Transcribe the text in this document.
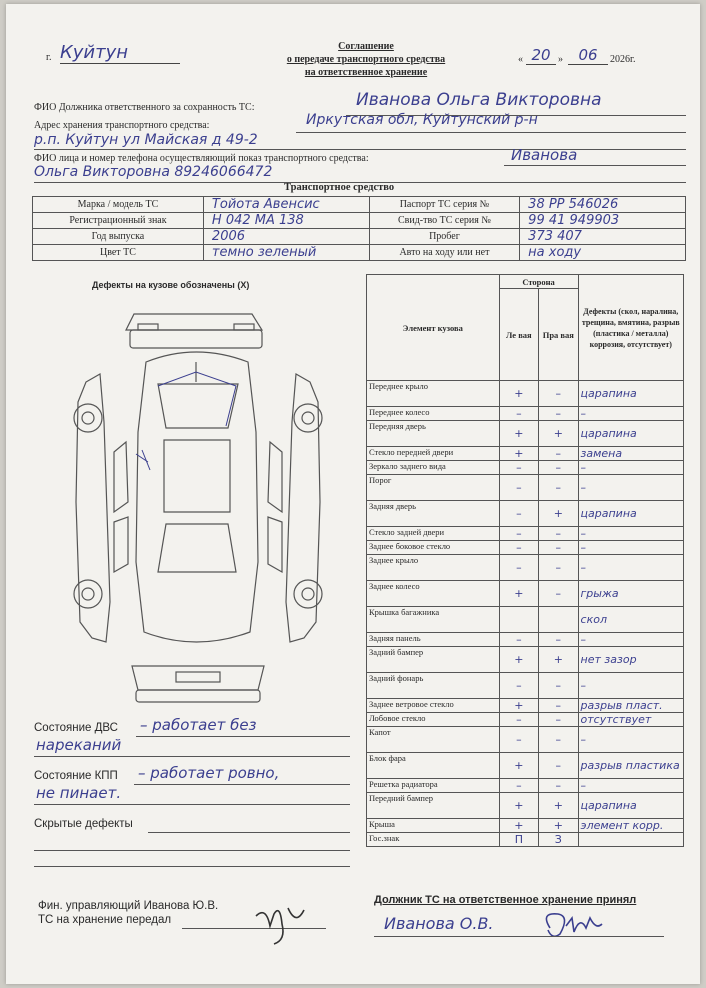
г. Куйтун	Соглашение
о передаче транспортного средства
на ответственное хранение
« 20 »	06	2026г.
ФИО Должника ответственного за сохранность ТС:	Иванова Ольга Викторовна
Адрес хранения транспортного средства:	Иркутская обл, Куйтунский р-н
р.п. Куйтун ул Майская д 49-2
ФИО лица и номер телефона осуществляющий показ транспортного средства:	Иванова
Ольга Викторовна 89246066472
Транспортное средство
Марка / модель ТС	Тойота Авенсис	Паспорт ТС серия №	38 РР 546026
Регистрационный знак	Н 042 МА 138	Свид-тво ТС серия №	99 41 949903
Год выпуска	2006	Пробег	373 407
Цвет ТС	темно зеленый	Авто на ходу или нет	на ходу
Дефекты на кузове обозначены (Х)
Элемент кузова	Сторона		Дефекты (скол, наралина, трещина, вмятина, разрыв (пластика / металла) коррозия, отсутствует)
	Ле вая	Пра вая	
Переднее крыло	+	–	царапина
Переднее колесо	–	–	–
Передняя дверь	+	+	царапина
Стекло передней двери	+	–	замена
Зеркало заднего вида	–	–	–
Порог	–	–	–
Задняя дверь	–	+	царапина
Стекло задней двери	–	–	–
Заднее боковое стекло	–	–	–
Заднее крыло	–	–	–
Заднее колесо	+	–	грыжа
Крышка багажника			скол
Задняя панель	–	–	–
Задний бампер	+	+	нет зазор
Задний фонарь	–	–	–
Заднее ветровое стекло	+	–	разрыв пласт.
Лобовое стекло	–	–	отсутствует
Капот	–	–	–
Блок фара	+	–	разрыв пластика
Решетка радиатора	–	–	–
Передний бампер	+	+	царапина
Крыша	+	+	элемент корр.
Гос.знак	П	З	
Состояние ДВС – работает без
нареканий
Состояние КПП – работает ровно,
не пинает.
Скрытые дефекты
Фин. управляющий Иванова Ю.В.
ТС на хранение передал
Должник ТС на ответственное хранение принял
Иванова О.В.
